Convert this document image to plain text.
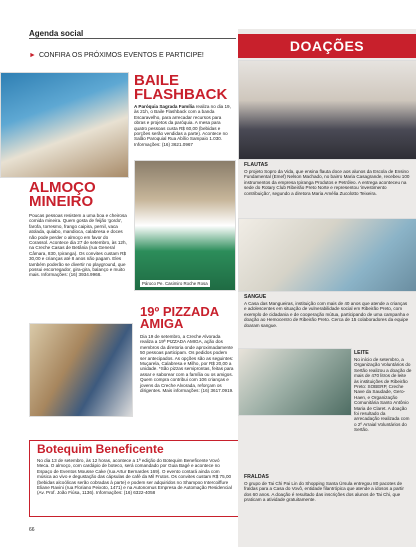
Agenda social
► CONFIRA OS PRÓXIMOS EVENTOS E PARTICIPE!
BAILE FLASHBACK
A Paróquia Sagrada Família realiza no dia 19, às 21h, o Baile Flashback com a banda Escaravelho, para arrecadar recursos para obras e projetos da paróquia. A mesa para quatro pessoas custa R$ 60,00 (bebidas e porções serão vendidas a parte). Acontece no Salão Paroquial Rua Abílio Sampaio 1.030. Informações: (16) 3621.0967
ALMOÇO MINEIRO
Poucas pessoas resistem a uma boa e cheirosa comida mineira. Quem gosta de feijão 'gordo', farofa, torresmo, frango caipira, pernil, vaca atolada, quiabo, mandioca, calabresa e doces não pode perder o almoço em favor do Corassol. Acontece dia 27 de setembro, às 12h, na Creche Casas de Betânia (rua General Câmara, 830, Ipiranga). Os convites custam R$ 30,00 e crianças até 8 anos não pagam. Eles também poderão se divertir no playground, que possui escorregador, gira-gira, balanço e muito mais. Informações: (16) 3934.9968.
Pároco Pe. Casimiro Roche Rosa
19º PIZZADA AMIGA
Dia 19 de setembro, a Creche Alvorada realiza a 19ª PIZZADA AMIGA, ação dos membros da diretoria onde aproximadamente 50 pessoas participam. Os pedidos podem ser antecipados. As opções são as seguintes: Muçarela, Calabresa e Milho, por R$ 20,00 a unidade. *São pizzas semiprontas, feitas para assar e saborear com a família ou os amigos. Quem compra contribui com 106 crianças e jovens da Creche Alvorada, reforçam os dirigentes. Mais informações: (16) 3617.0919.
Botequim Beneficente
No dia 13 de setembro, às 12 horas, acontece a 1ª edição do Botequim Beneficente Vovó Meca. O almoço, com cardápio de boteco, será comandado por Guia Bagé e acontece no Espaço de Eventos Mousse Cake (rua Artur Bernardes 169). O evento contará ainda com música ao vivo e degustação das cápsulas de café da Mil Frutos. Os convites custam R$ 75,00 (bebidas alcoólicas serão cobradas à parte) e podem ser adquiridos no Shampoo Intercoiffure Eliane Ravini (rua Floriano Peixoto, 1471) e na Autonomus Empresa de Automação Residencial (Av. Prof. João Fiúsa, 1136). Informações: (16) 6322-4058
66
DOAÇÕES
FLAUTAS
O projeto Sopro da Vida, que ensina flauta doce aos alunos da Escola de Ensino Fundamental (Emef) Nelson Machado, no bairro Maria Casagrande, recebeu 100 instrumentos da empresa Ipiranga Produtos e Petróleo. A entrega aconteceu na sede do Rotary Club Ribeirão Preto Norte e representou 'investimento contribuição', segundo a diretora Maria Amélia Zucolotto Teixeira.
SANGUE
A Casa das Mangueiras, instituição com mais de 40 anos que atende a crianças e adolescentes em situação de vulnerabilidade social em Ribeirão Preto, com exemplo de cidadania e de cooperação mútua, participando de uma campanha e doação ao Hemocentro de Ribeirão Preto. Cerca de 15 colaboradores da equipe doaram sangue.
LEITE
No início de setembro, a Organização Voluntários do Sertão realizou a doação de mais de 470 litros de leite às instituições de Ribeirão Preto: SOBERP, Creche Nave da Saudade, Gero-Haen, e Organização Comunitária Santo Antônio Maria de Claret. A doação foi resultado da arrecadação realizada com o 2º Arraial Voluntários do Sertão.
FRALDAS
O grupo de Tai Chi Pai Lin do Shopping Santa Úrsula entregou 80 pacotes de fraldas para a Casa do Vovô, entidade filantrópica que atende a idosos a partir dos 60 anos. A doação é resultado das inscrições dos alunos de Tai Chi, que praticam a atividade gratuitamente.
